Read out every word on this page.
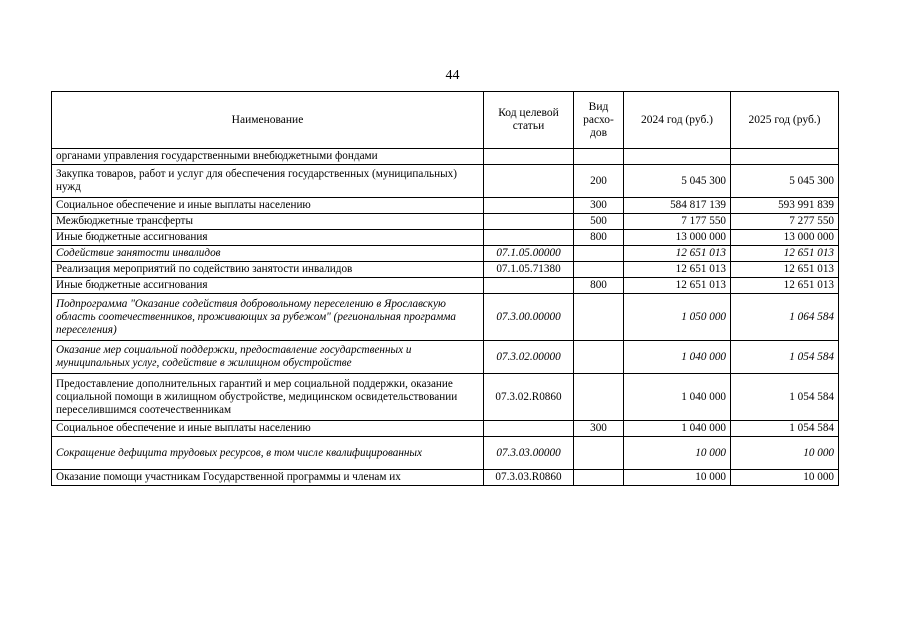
44
Наименование	Код целевой статьи	Вид расхо-дов	2024 год (руб.)	2025 год (руб.)
органами управления государственными внебюджетными фондами				
Закупка товаров, работ и услуг для обеспечения государственных (муниципальных) нужд		200	5 045 300	5 045 300
Социальное обеспечение и иные выплаты населению		300	584 817 139	593 991 839
Межбюджетные трансферты		500	7 177 550	7 277 550
Иные бюджетные ассигнования		800	13 000 000	13 000 000
Содействие занятости инвалидов	07.1.05.00000		12 651 013	12 651 013
Реализация мероприятий по содействию занятости инвалидов	07.1.05.71380		12 651 013	12 651 013
Иные бюджетные ассигнования		800	12 651 013	12 651 013
Подпрограмма "Оказание содействия добровольному переселению в Ярославскую область соотечественников, проживающих за рубежом" (региональная программа переселения)	07.3.00.00000		1 050 000	1 064 584
Оказание мер социальной поддержки, предоставление государственных и муниципальных услуг, содействие в жилищном обустройстве	07.3.02.00000		1 040 000	1 054 584
Предоставление дополнительных гарантий и мер социальной поддержки, оказание социальной помощи в жилищном обустройстве, медицинском освидетельствовании переселившимся соотечественникам	07.3.02.R0860		1 040 000	1 054 584
Социальное обеспечение и иные выплаты населению		300	1 040 000	1 054 584
Сокращение дефицита трудовых ресурсов, в том числе квалифицированных	07.3.03.00000		10 000	10 000
Оказание помощи участникам Государственной программы и членам их	07.3.03.R0860		10 000	10 000
